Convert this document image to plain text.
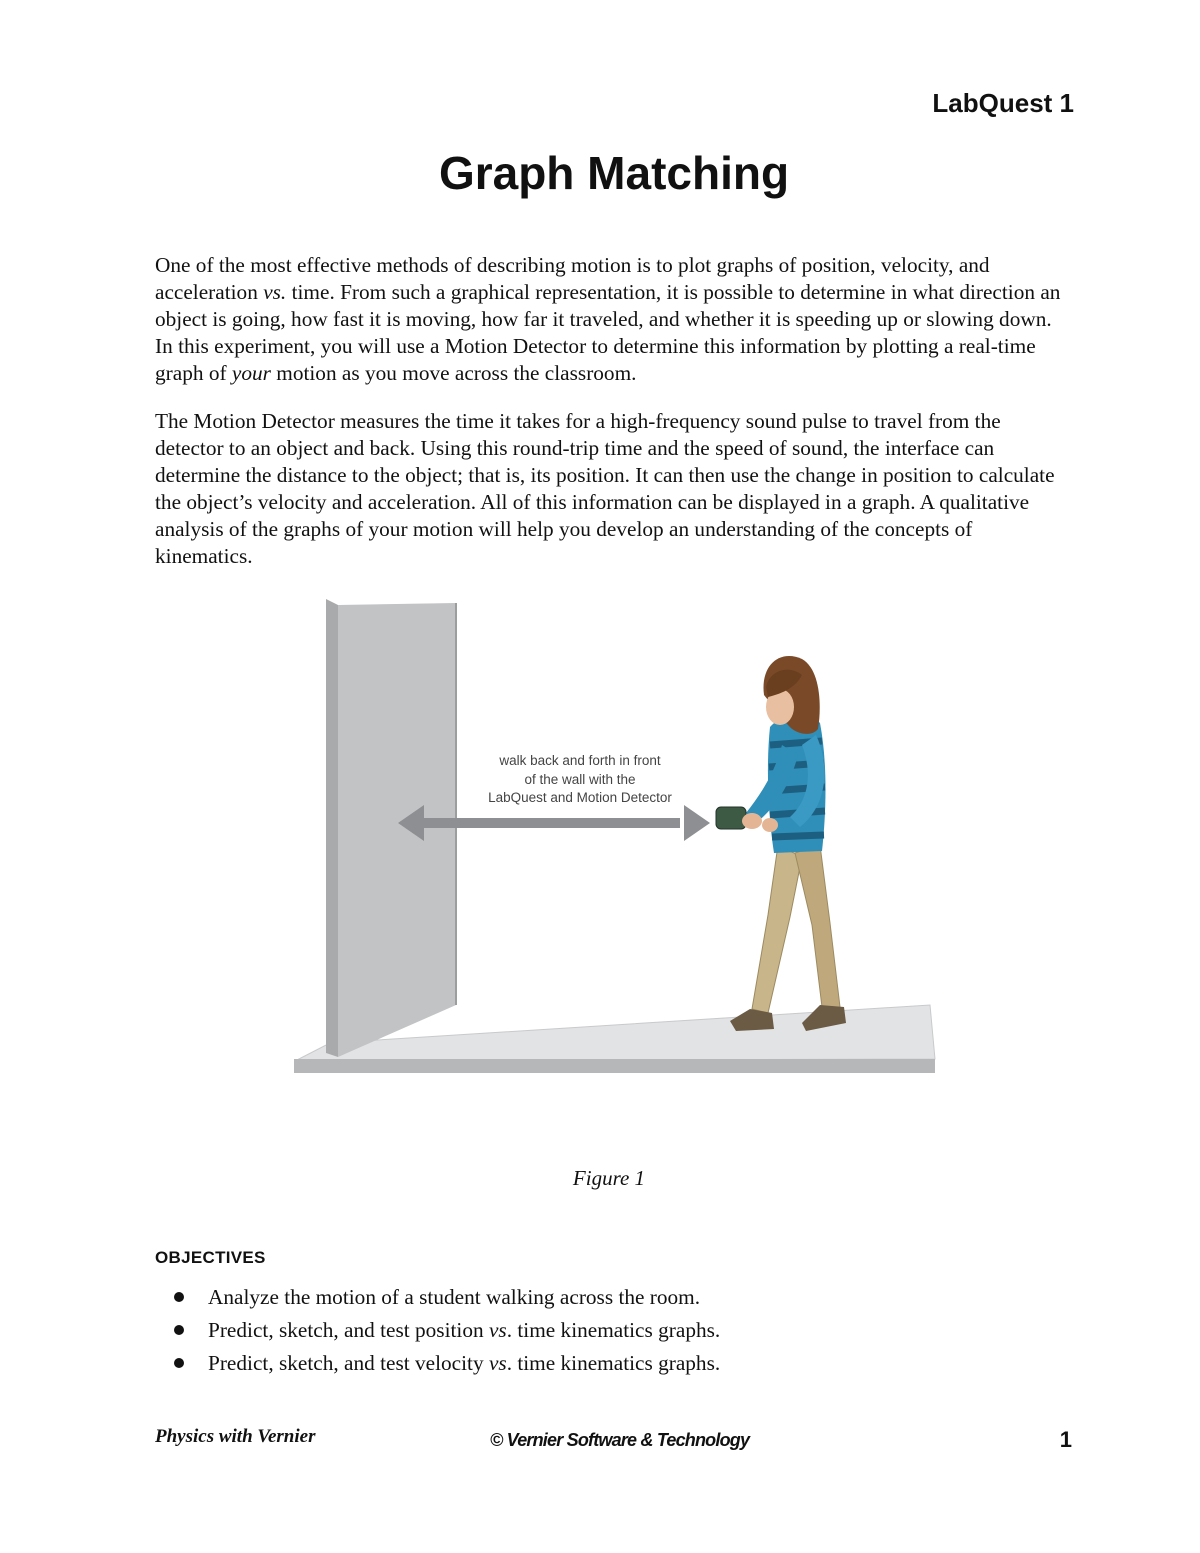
LabQuest 1
Graph Matching

One of the most effective methods of describing motion is to plot graphs of position, velocity, and acceleration vs. time. From such a graphical representation, it is possible to determine in what direction an object is going, how fast it is moving, how far it traveled, and whether it is speeding up or slowing down. In this experiment, you will use a Motion Detector to determine this information by plotting a real-time graph of your motion as you move across the classroom.

The Motion Detector measures the time it takes for a high-frequency sound pulse to travel from the detector to an object and back. Using this round-trip time and the speed of sound, the interface can determine the distance to the object; that is, its position. It can then use the change in position to calculate the object’s velocity and acceleration. All of this information can be displayed in a graph. A qualitative analysis of the graphs of your motion will help you develop an understanding of the concepts of kinematics.

walk back and forth in front
of the wall with the
LabQuest and Motion Detector
Figure 1
OBJECTIVES
Analyze the motion of a student walking across the room.
Predict, sketch, and test position vs. time kinematics graphs.
Predict, sketch, and test velocity vs. time kinematics graphs.
Physics with Vernier	© Vernier Software & Technology	1
